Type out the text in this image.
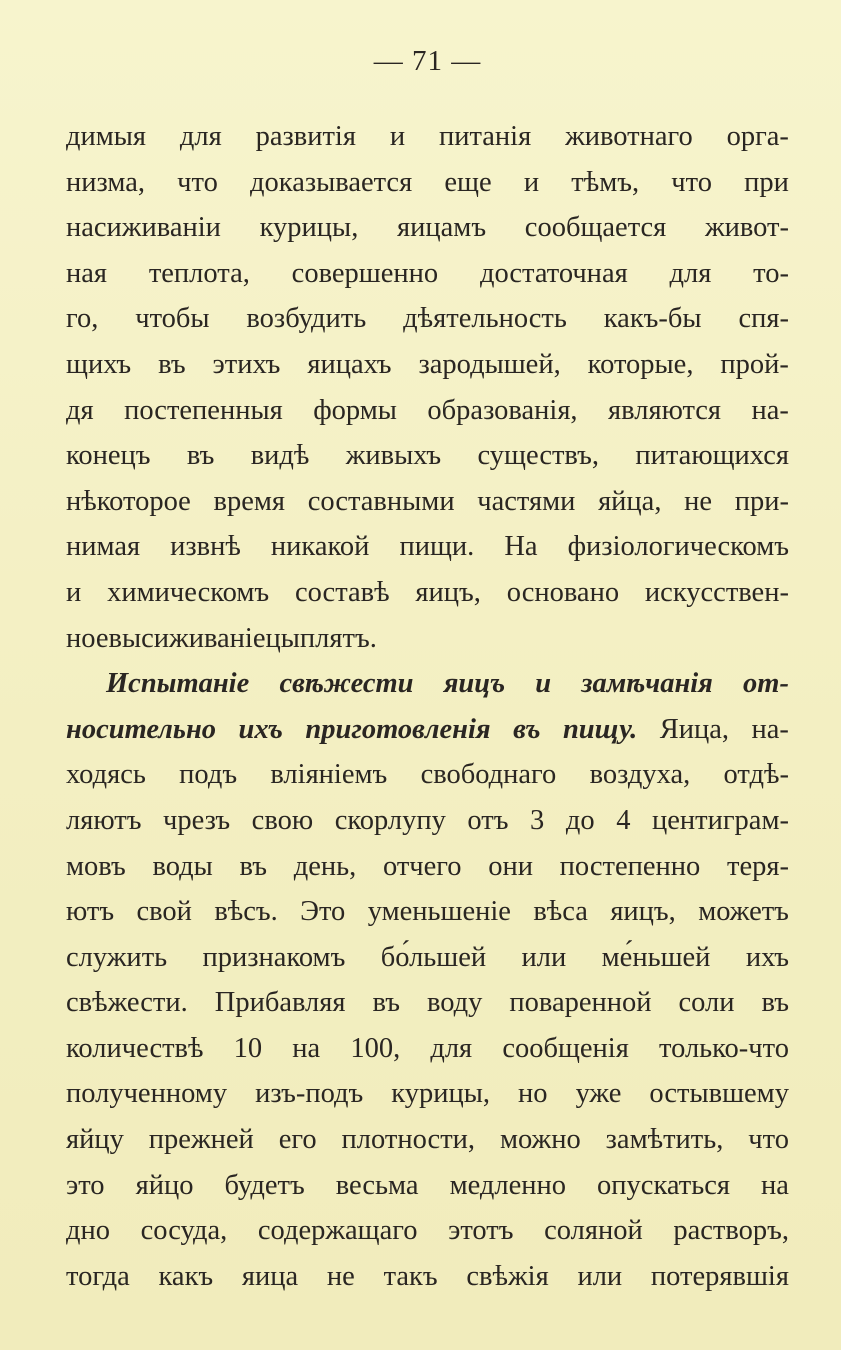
— 71 —
димыя для развитія и питанія животнаго орга-
низма, что доказывается еще и тѣмъ, что при
насиживаніи курицы, яицамъ сообщается живот-
ная теплота, совершенно достаточная для то-
го, чтобы возбудить дѣятельность какъ-бы спя-
щихъ въ этихъ яицахъ зародышей, которые, прой-
дя постепенныя формы образованія, являются на-
конецъ въ видѣ живыхъ существъ, питающихся
нѣкоторое время составными частями яйца, не при-
нимая извнѣ никакой пищи. На физіологическомъ
и химическомъ составѣ яицъ, основано искусствен-
ное высиживаніе цыплятъ.
Испытаніе свѣжести яицъ и замѣчанія от-
носительно ихъ приготовленія въ пищу. Яица, на-
ходясь подъ вліяніемъ свободнаго воздуха, отдѣ-
ляютъ чрезъ свою скорлупу отъ 3 до 4 центиграм-
мовъ воды въ день, отчего они постепенно теря-
ютъ свой вѣсъ. Это уменьшеніе вѣса яицъ, можетъ
служить признакомъ бо́льшей или ме́ньшей ихъ
свѣжести. Прибавляя въ воду поваренной соли въ
количествѣ 10 на 100, для сообщенія только-что
полученному изъ-подъ курицы, но уже остывшему
яйцу прежней его плотности, можно замѣтить, что
это яйцо будетъ весьма медленно опускаться на
дно сосуда, содержащаго этотъ соляной растворъ,
тогда какъ яица не такъ свѣжія или потерявшія
